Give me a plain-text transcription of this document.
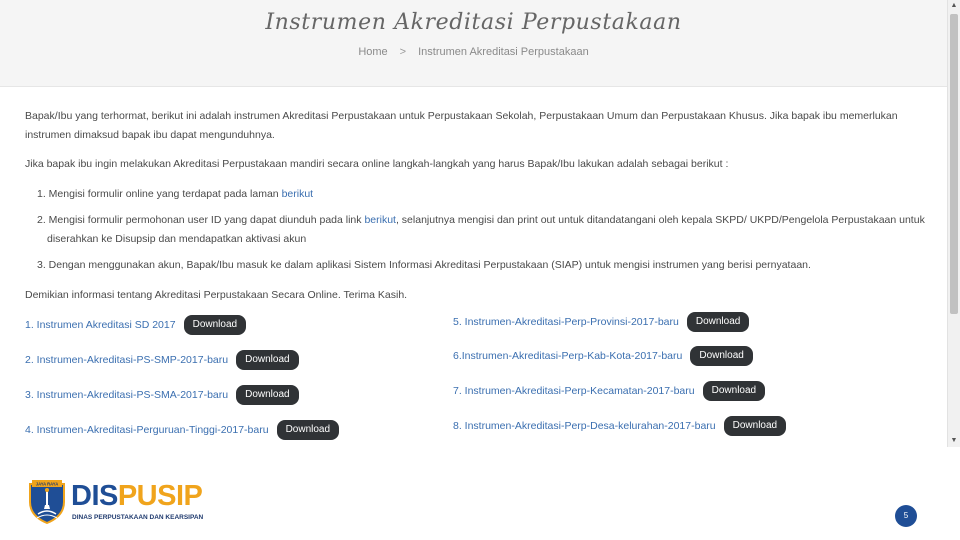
Instrumen Akreditasi Perpustakaan
Home > Instrumen Akreditasi Perpustakaan

Bapak/Ibu yang terhormat, berikut ini adalah instrumen Akreditasi Perpustakaan untuk Perpustakaan Sekolah, Perpustakaan Umum dan Perpustakaan Khusus. Jika bapak ibu memerlukan instrumen dimaksud bapak ibu dapat mengunduhnya.

Jika bapak ibu ingin melakukan Akreditasi Perpustakaan mandiri secara online langkah-langkah yang harus Bapak/Ibu lakukan adalah sebagai berikut :

1. Mengisi formulir online yang terdapat pada laman berikut
2. Mengisi formulir permohonan user ID yang dapat diunduh pada link berikut, selanjutnya mengisi dan print out untuk ditandatangani oleh kepala SKPD/ UKPD/Pengelola Perpustakaan untuk
diserahkan ke Disupsip dan mendapatkan aktivasi akun
3. Dengan menggunakan akun, Bapak/Ibu masuk ke dalam aplikasi Sistem Informasi Akreditasi Perpustakaan (SIAP) untuk mengisi instrumen yang berisi pernyataan.

Demikian informasi tentang Akreditasi Perpustakaan Secara Online. Terima Kasih.

1. Instrumen Akreditasi SD 2017	Download
2. Instrumen-Akreditasi-PS-SMP-2017-baru	Download
3. Instrumen-Akreditasi-PS-SMA-2017-baru	Download
4. Instrumen-Akreditasi-Perguruan-Tinggi-2017-baru	Download
5. Instrumen-Akreditasi-Perp-Provinsi-2017-baru	Download
6.Instrumen-Akreditasi-Perp-Kab-Kota-2017-baru	Download
7. Instrumen-Akreditasi-Perp-Kecamatan-2017-baru	Download
8. Instrumen-Akreditasi-Perp-Desa-kelurahan-2017-baru	Download
▲
▼
JAYA RAYA DISPUSIP
DINAS PERPUSTAKAAN DAN KEARSIPAN	5
